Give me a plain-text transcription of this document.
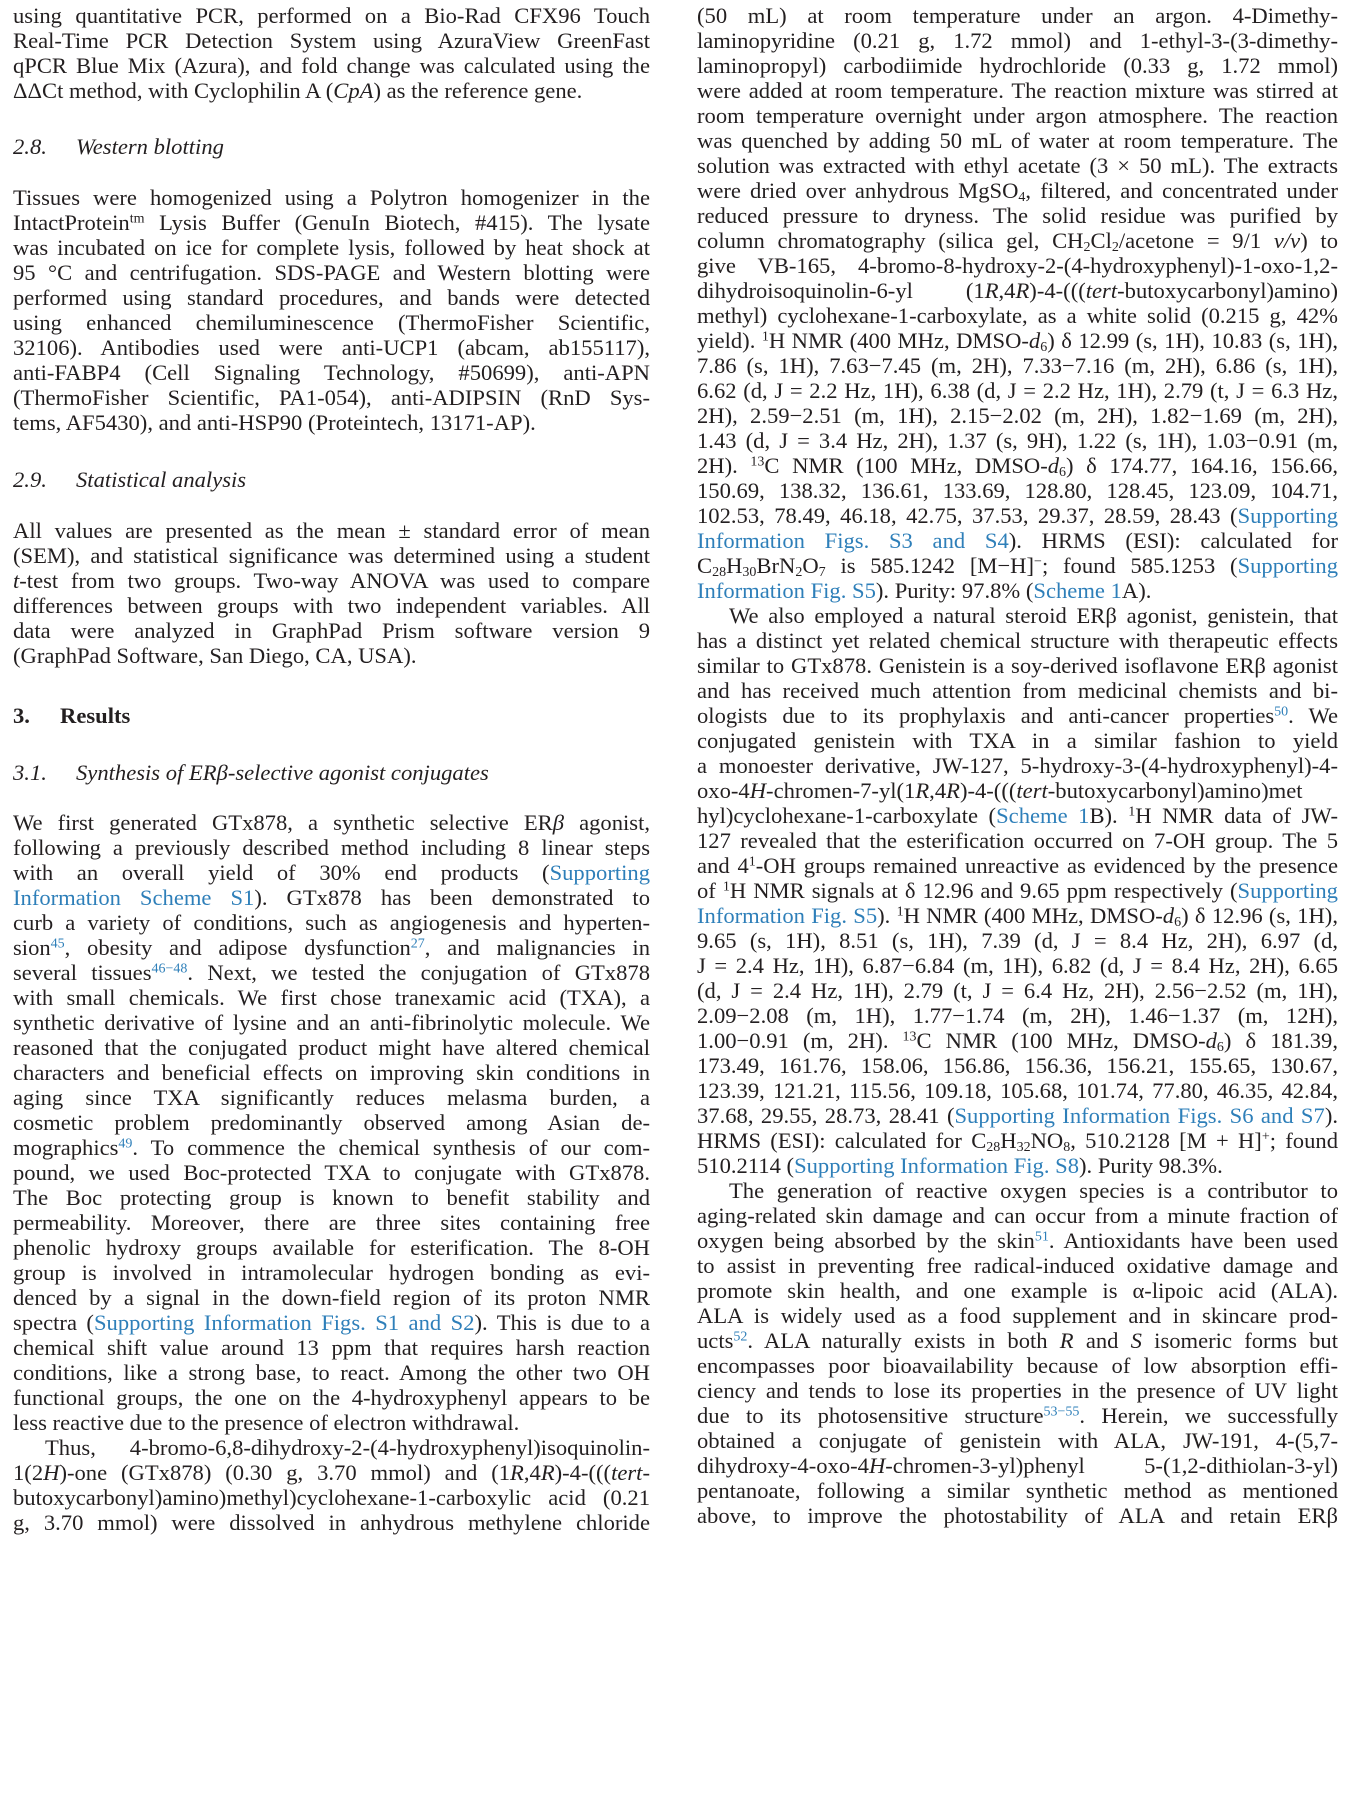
using quantitative PCR, performed on a Bio-Rad CFX96 Touch
Real-Time PCR Detection System using AzuraView GreenFast
qPCR Blue Mix (Azura), and fold change was calculated using the
ΔΔCt method, with Cyclophilin A (CpA) as the reference gene.
2.8. Western blotting
Tissues were homogenized using a Polytron homogenizer in the
IntactProtein$^{tm}$ Lysis Buffer (GenuIn Biotech, #415). The lysate
was incubated on ice for complete lysis, followed by heat shock at
95 °C and centrifugation. SDS-PAGE and Western blotting were
performed using standard procedures, and bands were detected
using enhanced chemiluminescence (ThermoFisher Scientific,
32106). Antibodies used were anti-UCP1 (abcam, ab155117),
anti-FABP4 (Cell Signaling Technology, #50699), anti-APN
(ThermoFisher Scientific, PA1-054), anti-ADIPSIN (RnD Sys-
tems, AF5430), and anti-HSP90 (Proteintech, 13171-AP).
2.9. Statistical analysis
All values are presented as the mean ± standard error of mean
(SEM), and statistical significance was determined using a student
t-test from two groups. Two-way ANOVA was used to compare
differences between groups with two independent variables. All
data were analyzed in GraphPad Prism software version 9
(GraphPad Software, San Diego, CA, USA).
3. Results
3.1. Synthesis of ERβ-selective agonist conjugates
We first generated GTx878, a synthetic selective ERβ agonist,
following a previously described method including 8 linear steps
with an overall yield of 30% end products (Supporting
Information Scheme S1). GTx878 has been demonstrated to
curb a variety of conditions, such as angiogenesis and hyperten-
sion$^{45}$, obesity and adipose dysfunction$^{27}$, and malignancies in
several tissues$^{46-48}$. Next, we tested the conjugation of GTx878
with small chemicals. We first chose tranexamic acid (TXA), a
synthetic derivative of lysine and an anti-fibrinolytic molecule. We
reasoned that the conjugated product might have altered chemical
characters and beneficial effects on improving skin conditions in
aging since TXA significantly reduces melasma burden, a
cosmetic problem predominantly observed among Asian de-
mographics$^{49}$. To commence the chemical synthesis of our com-
pound, we used Boc-protected TXA to conjugate with GTx878.
The Boc protecting group is known to benefit stability and
permeability. Moreover, there are three sites containing free
phenolic hydroxy groups available for esterification. The 8-OH
group is involved in intramolecular hydrogen bonding as evi-
denced by a signal in the down-field region of its proton NMR
spectra (Supporting Information Figs. S1 and S2). This is due to a
chemical shift value around 13 ppm that requires harsh reaction
conditions, like a strong base, to react. Among the other two OH
functional groups, the one on the 4-hydroxyphenyl appears to be
less reactive due to the presence of electron withdrawal.
Thus, 4-bromo-6,8-dihydroxy-2-(4-hydroxyphenyl)isoquinolin-
1(2H)-one (GTx878) (0.30 g, 3.70 mmol) and (1R,4R)-4-(((tert-
butoxycarbonyl)amino)methyl)cyclohexane-1-carboxylic acid (0.21
g, 3.70 mmol) were dissolved in anhydrous methylene chloride
(50 mL) at room temperature under an argon. 4-Dimethy-
laminopyridine (0.21 g, 1.72 mmol) and 1-ethyl-3-(3-dimethy-
laminopropyl) carbodiimide hydrochloride (0.33 g, 1.72 mmol)
were added at room temperature. The reaction mixture was stirred at
room temperature overnight under argon atmosphere. The reaction
was quenched by adding 50 mL of water at room temperature. The
solution was extracted with ethyl acetate (3 × 50 mL). The extracts
were dried over anhydrous MgSO$_4$, filtered, and concentrated under
reduced pressure to dryness. The solid residue was purified by
column chromatography (silica gel, $CH_2Cl_2$/acetone = 9/1 v/v) to
give VB-165, 4-bromo-8-hydroxy-2-(4-hydroxyphenyl)-1-oxo-1,2-
dihydroisoquinolin-6-yl (1R,4R)-4-(((tert-butoxycarbonyl)amino)
methyl) cyclohexane-1-carboxylate, as a white solid (0.215 g, 42%
yield). $^1$H NMR (400 MHz, DMSO-$d_6$) δ 12.99 (s, 1H), 10.83 (s, 1H),
7.86 (s, 1H), 7.63−7.45 (m, 2H), 7.33−7.16 (m, 2H), 6.86 (s, 1H),
6.62 (d, J = 2.2 Hz, 1H), 6.38 (d, J = 2.2 Hz, 1H), 2.79 (t, J = 6.3 Hz,
2H), 2.59−2.51 (m, 1H), 2.15−2.02 (m, 2H), 1.82−1.69 (m, 2H),
1.43 (d, J = 3.4 Hz, 2H), 1.37 (s, 9H), 1.22 (s, 1H), 1.03−0.91 (m,
2H). $^{13}$C NMR (100 MHz, DMSO-$d_6$) δ 174.77, 164.16, 156.66,
150.69, 138.32, 136.61, 133.69, 128.80, 128.45, 123.09, 104.71,
102.53, 78.49, 46.18, 42.75, 37.53, 29.37, 28.59, 28.43 (Supporting
Information Figs. S3 and S4). HRMS (ESI): calculated for
$C_{28}H_{30}BrN_2O_7$ is 585.1242 [M−H]−; found 585.1253 (Supporting
Information Fig. S5). Purity: 97.8% (Scheme 1A).
We also employed a natural steroid ERβ agonist, genistein, that
has a distinct yet related chemical structure with therapeutic effects
similar to GTx878. Genistein is a soy-derived isoflavone ERβ agonist
and has received much attention from medicinal chemists and bi-
ologists due to its prophylaxis and anti-cancer properties$^{50}$. We
conjugated genistein with TXA in a similar fashion to yield
a monoester derivative, JW-127, 5-hydroxy-3-(4-hydroxyphenyl)-4-
oxo-4H-chromen-7-yl(1R,4R)-4-(((tert-butoxycarbonyl)amino)met
hyl)cyclohexane-1-carboxylate (Scheme 1B). $^1$H NMR data of JW-
127 revealed that the esterification occurred on 7-OH group. The 5
and $4^1-OH$ groups remained unreactive as evidenced by the presence
of $^1$H NMR signals at δ 12.96 and 9.65 ppm respectively (Supporting
Information Fig. S5). $^1$H NMR (400 MHz, DMSO-$d_6$) δ 12.96 (s, 1H),
9.65 (s, 1H), 8.51 (s, 1H), 7.39 (d, J = 8.4 Hz, 2H), 6.97 (d,
J = 2.4 Hz, 1H), 6.87−6.84 (m, 1H), 6.82 (d, J = 8.4 Hz, 2H), 6.65
(d, J = 2.4 Hz, 1H), 2.79 (t, J = 6.4 Hz, 2H), 2.56−2.52 (m, 1H),
2.09−2.08 (m, 1H), 1.77−1.74 (m, 2H), 1.46−1.37 (m, 12H),
1.00−0.91 (m, 2H). $^{13}$C NMR (100 MHz, DMSO-$d_6$) δ 181.39,
173.49, 161.76, 158.06, 156.86, 156.36, 156.21, 155.65, 130.67,
123.39, 121.21, 115.56, 109.18, 105.68, 101.74, 77.80, 46.35, 42.84,
37.68, 29.55, 28.73, 28.41 (Supporting Information Figs. S6 and S7).
HRMS (ESI): calculated for $C_{28}H_{32}NO_8$, 510.2128 [M + H]+; found
510.2114 (Supporting Information Fig. S8). Purity 98.3%.
The generation of reactive oxygen species is a contributor to
aging-related skin damage and can occur from a minute fraction of
oxygen being absorbed by the skin$^{51}$. Antioxidants have been used
to assist in preventing free radical-induced oxidative damage and
promote skin health, and one example is α-lipoic acid (ALA).
ALA is widely used as a food supplement and in skincare prod-
ucts$^{52}$. ALA naturally exists in both R and S isomeric forms but
encompasses poor bioavailability because of low absorption effi-
ciency and tends to lose its properties in the presence of UV light
due to its photosensitive structure$^{53-55}$. Herein, we successfully
obtained a conjugate of genistein with ALA, JW-191, 4-(5,7-
dihydroxy-4-oxo-4H-chromen-3-yl)phenyl 5-(1,2-dithiolan-3-yl)
pentanoate, following a similar synthetic method as mentioned
above, to improve the photostability of ALA and retain ERβ
